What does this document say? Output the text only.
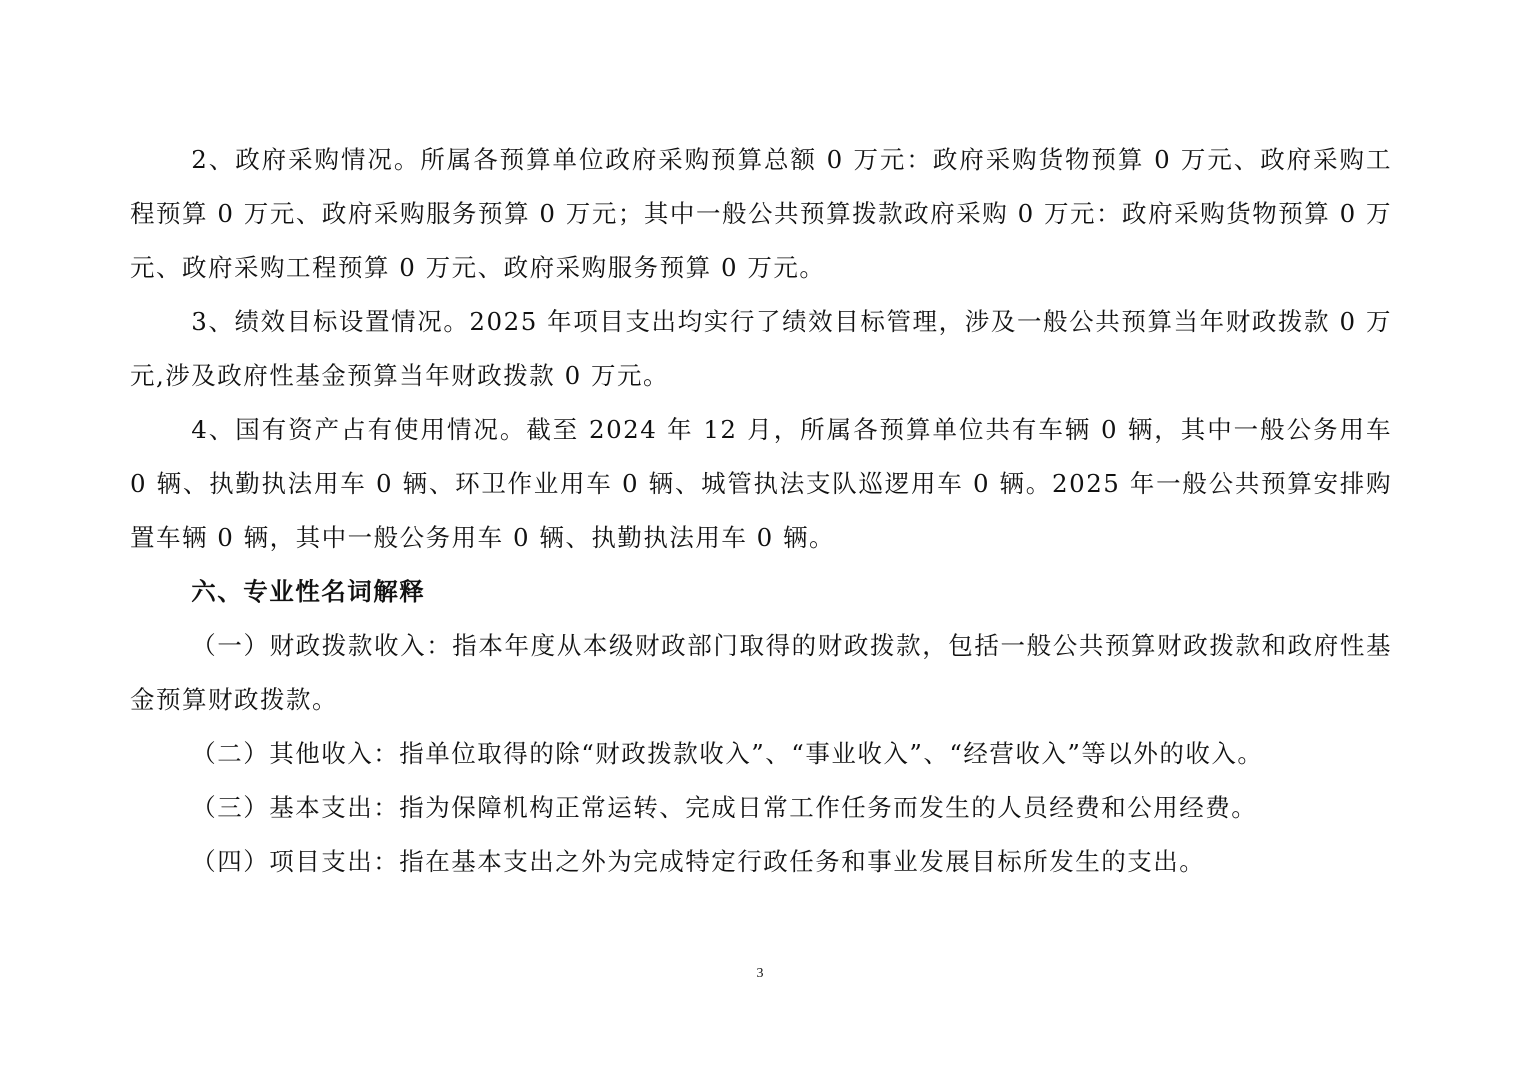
2、政府采购情况。所属各预算单位政府采购预算总额 0 万元：政府采购货物预算 0 万元、政府采购工程预算 0 万元、政府采购服务预算 0 万元；其中一般公共预算拨款政府采购 0 万元：政府采购货物预算 0 万元、政府采购工程预算 0 万元、政府采购服务预算 0 万元。

3、绩效目标设置情况。2025 年项目支出均实行了绩效目标管理，涉及一般公共预算当年财政拨款 0 万元,涉及政府性基金预算当年财政拨款 0 万元。

4、国有资产占有使用情况。截至 2024 年 12 月，所属各预算单位共有车辆 0 辆，其中一般公务用车 0 辆、执勤执法用车 0 辆、环卫作业用车 0 辆、城管执法支队巡逻用车 0 辆。2025 年一般公共预算安排购置车辆 0 辆，其中一般公务用车 0 辆、执勤执法用车 0 辆。

六、专业性名词解释

（一）财政拨款收入：指本年度从本级财政部门取得的财政拨款，包括一般公共预算财政拨款和政府性基金预算财政拨款。

（二）其他收入：指单位取得的除“财政拨款收入”、“事业收入”、“经营收入”等以外的收入。

（三）基本支出：指为保障机构正常运转、完成日常工作任务而发生的人员经费和公用经费。

（四）项目支出：指在基本支出之外为完成特定行政任务和事业发展目标所发生的支出。

3
